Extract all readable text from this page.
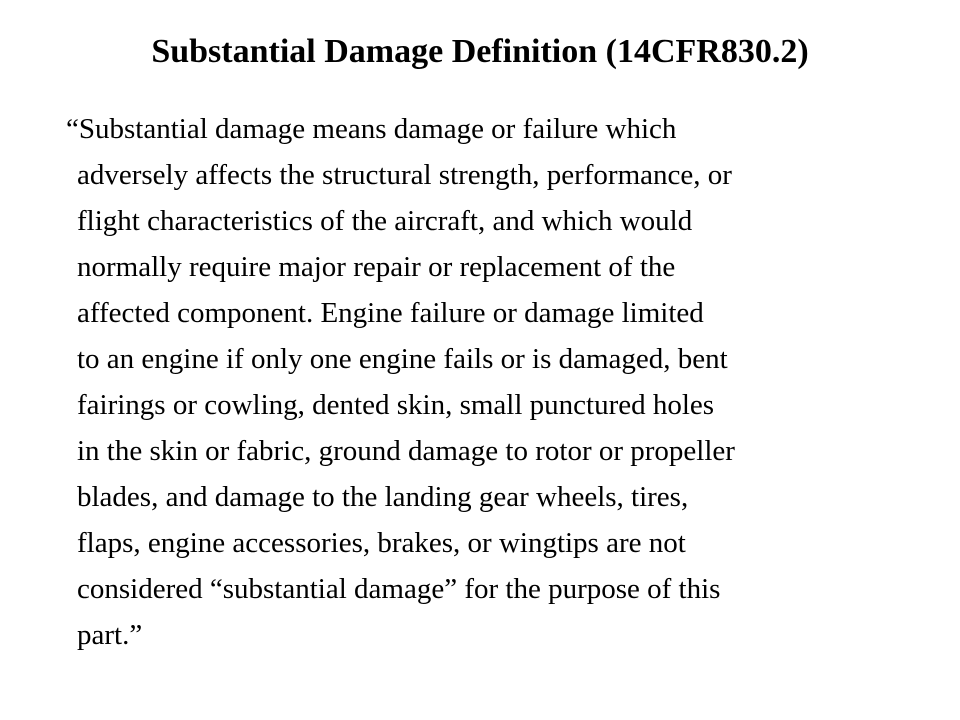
Substantial Damage Definition (14CFR830.2)
“Substantial damage means damage or failure which
adversely affects the structural strength, performance, or
flight characteristics of the aircraft, and which would
normally require major repair or replacement of the
affected component. Engine failure or damage limited
to an engine if only one engine fails or is damaged, bent
fairings or cowling, dented skin, small punctured holes
in the skin or fabric, ground damage to rotor or propeller
blades, and damage to the landing gear wheels, tires,
flaps, engine accessories, brakes, or wingtips are not
considered “substantial damage” for the purpose of this
part.”
